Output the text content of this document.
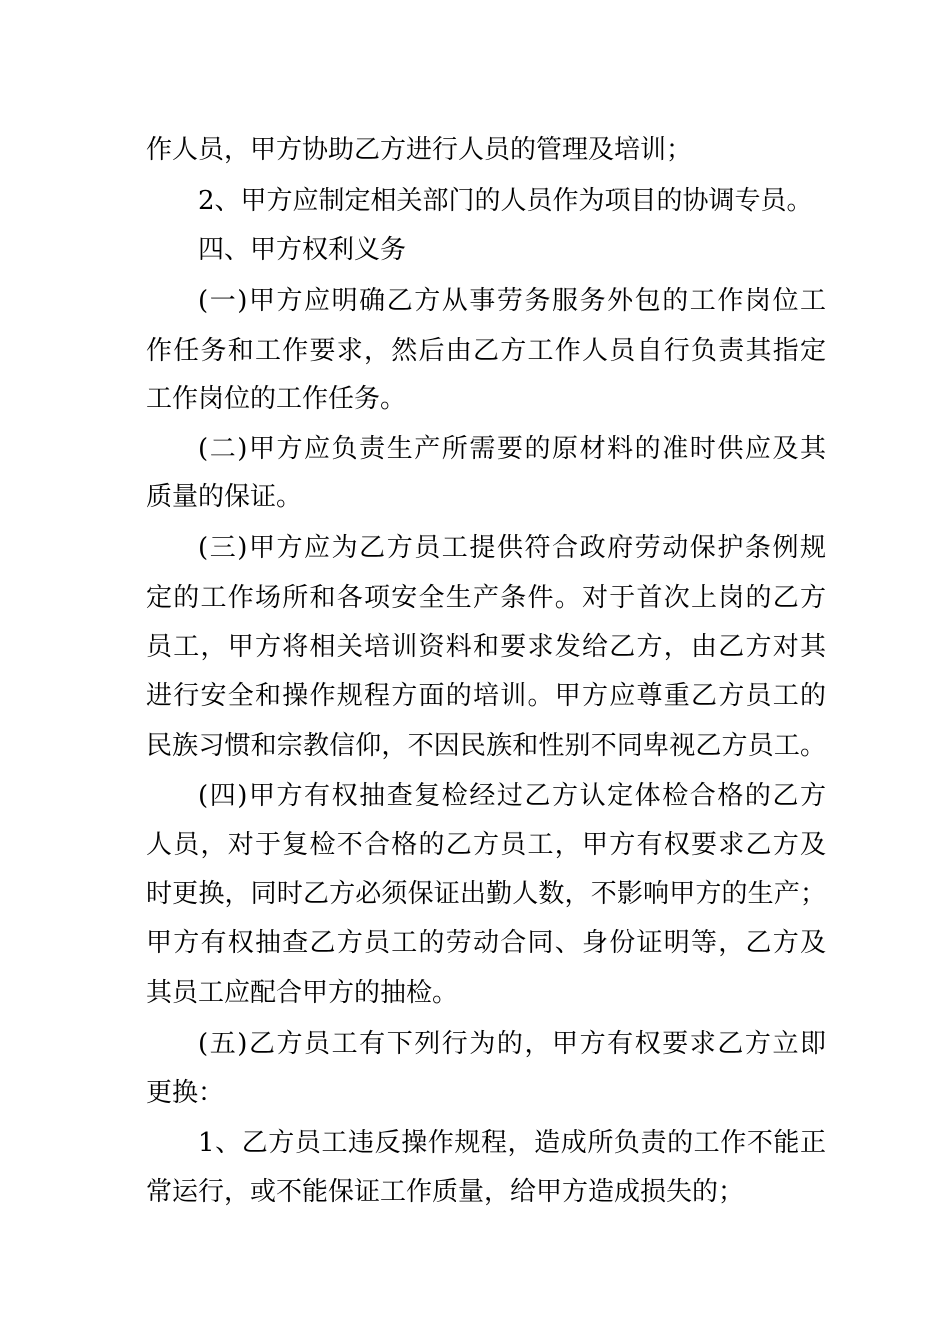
作人员，甲方协助乙方进行人员的管理及培训；
2、甲方应制定相关部门的人员作为项目的协调专员。
四、甲方权利义务
(一)甲方应明确乙方从事劳务服务外包的工作岗位工
作任务和工作要求，然后由乙方工作人员自行负责其指定
工作岗位的工作任务。
(二)甲方应负责生产所需要的原材料的准时供应及其
质量的保证。
(三)甲方应为乙方员工提供符合政府劳动保护条例规
定的工作场所和各项安全生产条件。对于首次上岗的乙方
员工，甲方将相关培训资料和要求发给乙方，由乙方对其
进行安全和操作规程方面的培训。甲方应尊重乙方员工的
民族习惯和宗教信仰，不因民族和性别不同卑视乙方员工。
(四)甲方有权抽查复检经过乙方认定体检合格的乙方
人员，对于复检不合格的乙方员工，甲方有权要求乙方及
时更换，同时乙方必须保证出勤人数，不影响甲方的生产；
甲方有权抽查乙方员工的劳动合同、身份证明等，乙方及
其员工应配合甲方的抽检。
(五)乙方员工有下列行为的，甲方有权要求乙方立即
更换：
1、乙方员工违反操作规程，造成所负责的工作不能正
常运行，或不能保证工作质量，给甲方造成损失的；
